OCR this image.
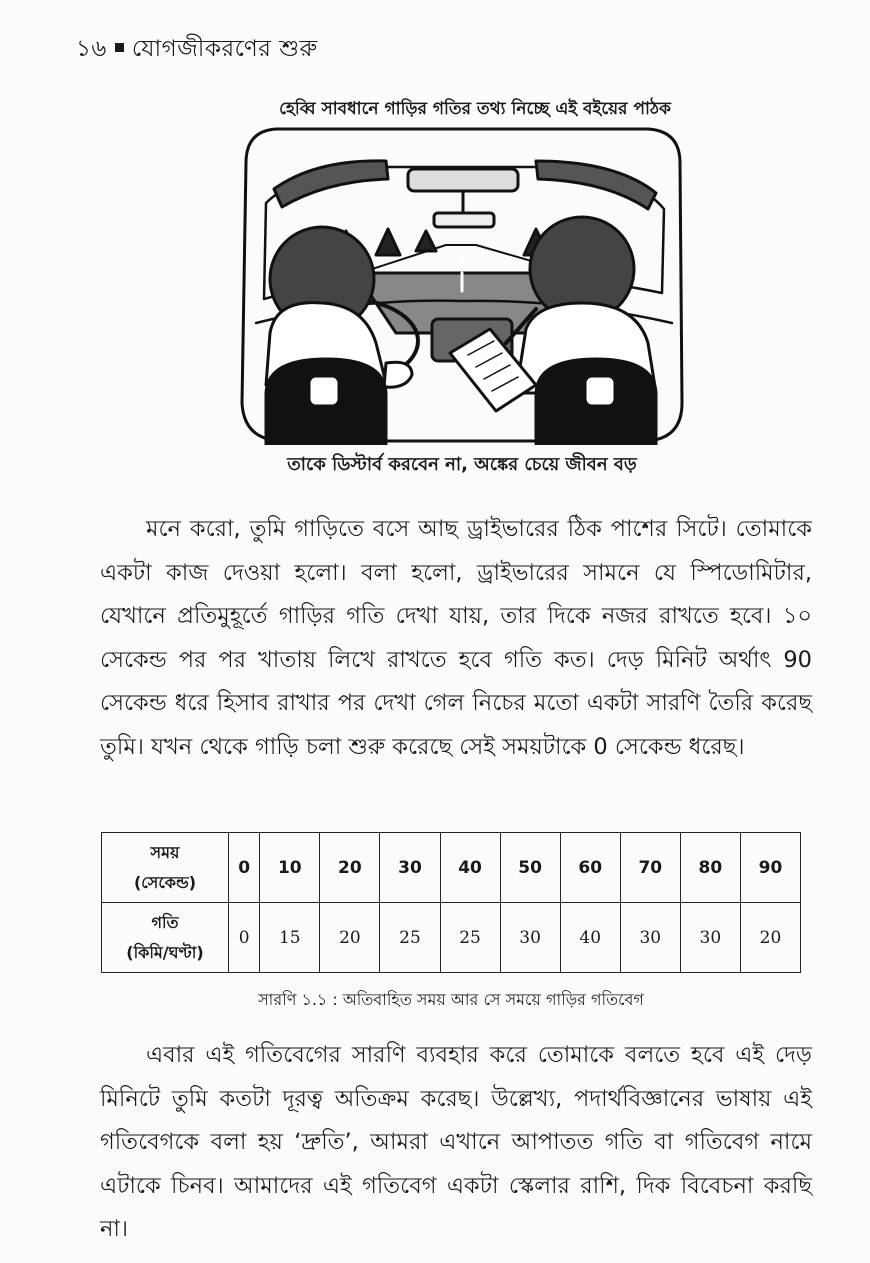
১৬ যোগজীকরণের শুরু
হেব্বি সাবধানে গাড়ির গতির তথ্য নিচ্ছে এই বইয়ের পাঠক
তাকে ডিস্টার্ব করবেন না, অঙ্কের চেয়ে জীবন বড়

মনে করো, তুমি গাড়িতে বসে আছ ড্রাইভারের ঠিক পাশের সিটে। তোমাকে একটা কাজ দেওয়া হলো। বলা হলো, ড্রাইভারের সামনে যে স্পিডোমিটার, যেখানে প্রতিমুহূর্তে গাড়ির গতি দেখা যায়, তার দিকে নজর রাখতে হবে। ১০ সেকেন্ড পর পর খাতায় লিখে রাখতে হবে গতি কত। দেড় মিনিট অর্থাৎ 90 সেকেন্ড ধরে হিসাব রাখার পর দেখা গেল নিচের মতো একটা সারণি তৈরি করেছ তুমি। যখন থেকে গাড়ি চলা শুরু করেছে সেই সময়টাকে 0 সেকেন্ড ধরেছ।

সময়
(সেকেন্ড)	0	10	20	30	40	50	60	70	80	90
গতি
(কিমি/ঘণ্টা)	0	15	20	25	25	30	40	30	30	20
সারণি ১.১ : অতিবাহিত সময় আর সে সময়ে গাড়ির গতিবেগ

এবার এই গতিবেগের সারণি ব্যবহার করে তোমাকে বলতে হবে এই দেড় মিনিটে তুমি কতটা দূরত্ব অতিক্রম করেছ। উল্লেখ্য, পদার্থবিজ্ঞানের ভাষায় এই গতিবেগকে বলা হয় ‘দ্রুতি’, আমরা এখানে আপাতত গতি বা গতিবেগ নামে এটাকে চিনব। আমাদের এই গতিবেগ একটা স্কেলার রাশি, দিক বিবেচনা করছি না।
